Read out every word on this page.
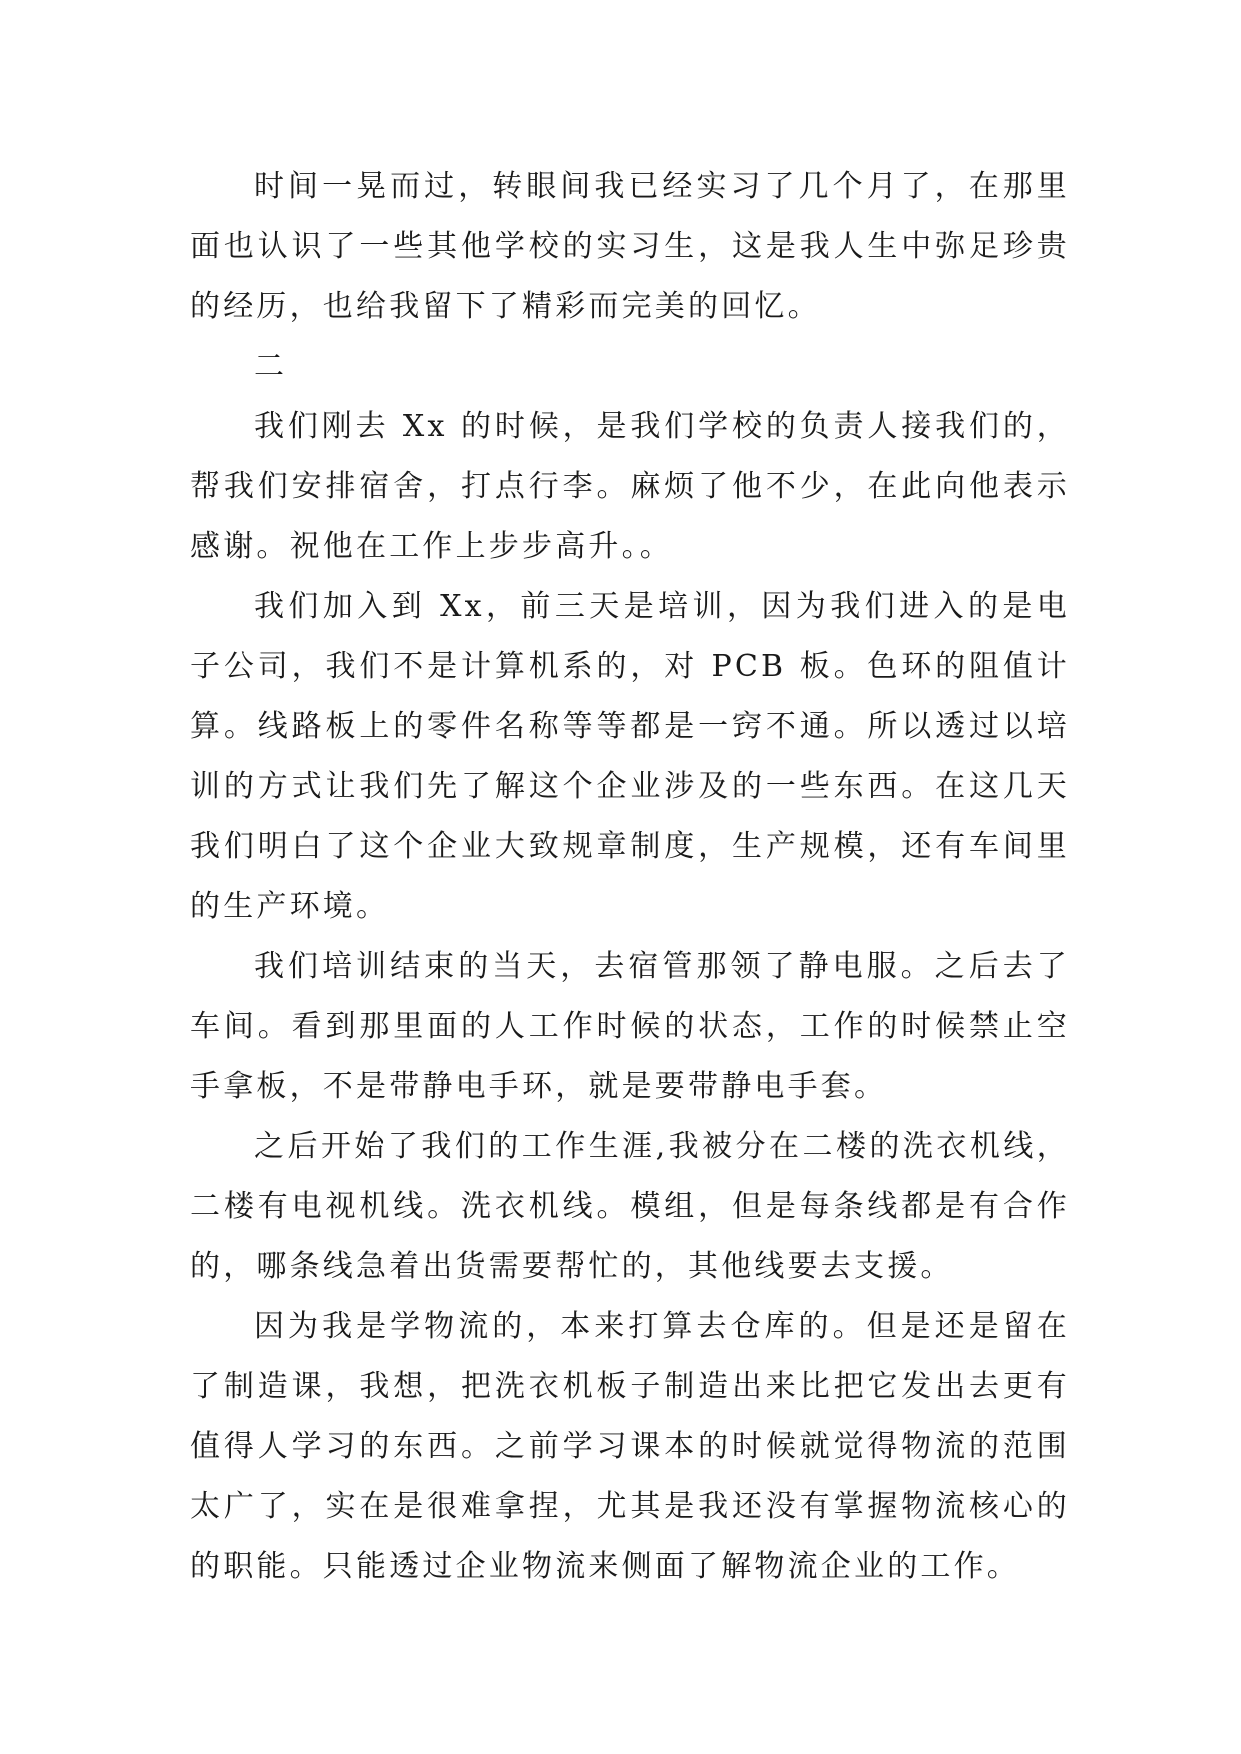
时间一晃而过，转眼间我已经实习了几个月了，在那里面也认识了一些其他学校的实习生，这是我人生中弥足珍贵的经历，也给我留下了精彩而完美的回忆。

二

我们刚去 Xx 的时候，是我们学校的负责人接我们的，帮我们安排宿舍，打点行李。麻烦了他不少，在此向他表示感谢。祝他在工作上步步高升。。

我们加入到 Xx，前三天是培训，因为我们进入的是电子公司，我们不是计算机系的，对 PCB 板。色环的阻值计算。线路板上的零件名称等等都是一窍不通。所以透过以培训的方式让我们先了解这个企业涉及的一些东西。在这几天我们明白了这个企业大致规章制度，生产规模，还有车间里的生产环境。

我们培训结束的当天，去宿管那领了静电服。之后去了车间。看到那里面的人工作时候的状态，工作的时候禁止空手拿板，不是带静电手环，就是要带静电手套。

之后开始了我们的工作生涯,我被分在二楼的洗衣机线，二楼有电视机线。洗衣机线。模组，但是每条线都是有合作的，哪条线急着出货需要帮忙的，其他线要去支援。

因为我是学物流的，本来打算去仓库的。但是还是留在了制造课，我想，把洗衣机板子制造出来比把它发出去更有值得人学习的东西。之前学习课本的时候就觉得物流的范围太广了，实在是很难拿捏，尤其是我还没有掌握物流核心的的职能。只能透过企业物流来侧面了解物流企业的工作。
